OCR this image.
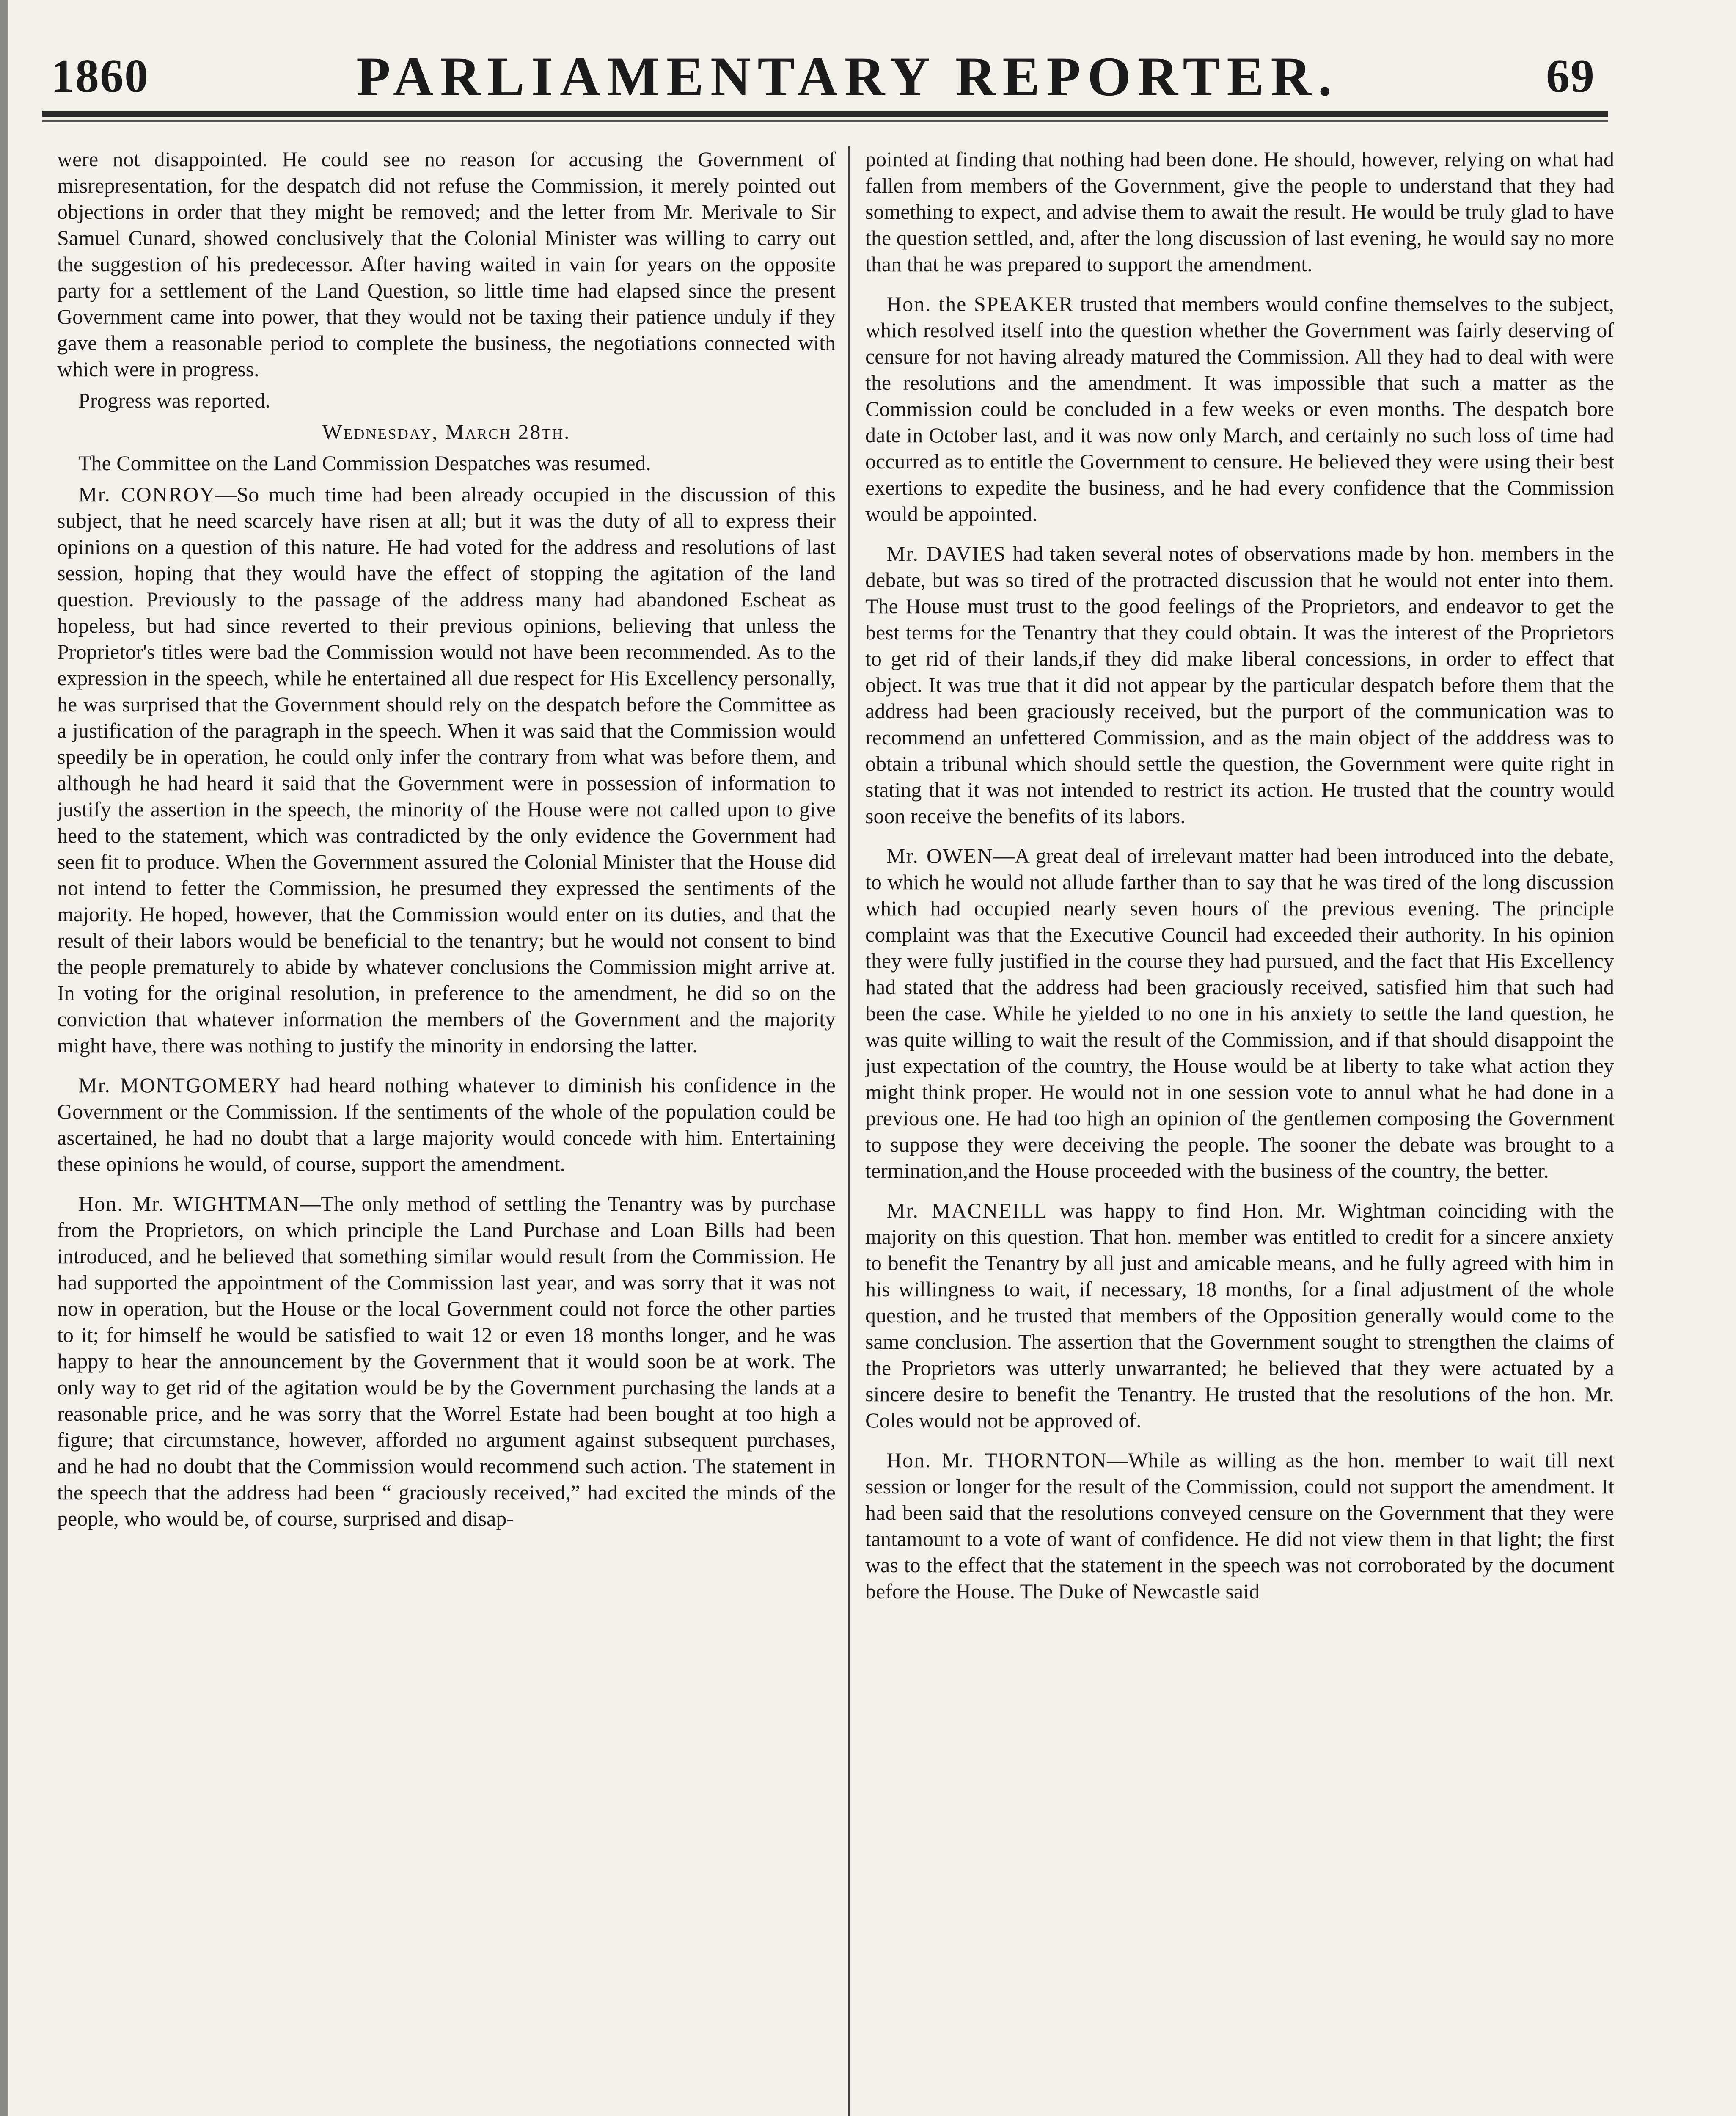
1860	PARLIAMENTARY REPORTER.	69

were not disappointed. He could see no reason for accusing the Government of misrepresentation, for the despatch did not refuse the Commission, it merely pointed out objections in order that they might be removed; and the letter from Mr. Merivale to Sir Samuel Cunard, showed conclusively that the Colonial Minister was willing to carry out the suggestion of his predecessor. After having waited in vain for years on the opposite party for a settlement of the Land Question, so little time had elapsed since the present Government came into power, that they would not be taxing their patience unduly if they gave them a reasonable period to complete the business, the negotiations connected with which were in progress.

Progress was reported.

Wednesday, March 28th.

The Committee on the Land Commission Despatches was resumed.

Mr. CONROY—So much time had been already occupied in the discussion of this subject, that he need scarcely have risen at all; but it was the duty of all to express their opinions on a question of this nature. He had voted for the address and resolutions of last session, hoping that they would have the effect of stopping the agitation of the land question. Previously to the passage of the address many had abandoned Escheat as hopeless, but had since reverted to their previous opinions, believing that unless the Proprietor's titles were bad the Commission would not have been recommended. As to the expression in the speech, while he entertained all due respect for His Excellency personally, he was surprised that the Government should rely on the despatch before the Committee as a justification of the paragraph in the speech. When it was said that the Commission would speedily be in operation, he could only infer the contrary from what was before them, and although he had heard it said that the Government were in possession of information to justify the assertion in the speech, the minority of the House were not called upon to give heed to the statement, which was contradicted by the only evidence the Government had seen fit to produce. When the Government assured the Colonial Minister that the House did not intend to fetter the Commission, he presumed they expressed the sentiments of the majority. He hoped, however, that the Commission would enter on its duties, and that the result of their labors would be beneficial to the tenantry; but he would not consent to bind the people prematurely to abide by whatever conclusions the Commission might arrive at. In voting for the original resolution, in preference to the amendment, he did so on the conviction that whatever information the members of the Government and the majority might have, there was nothing to justify the minority in endorsing the latter.

Mr. MONTGOMERY had heard nothing whatever to diminish his confidence in the Government or the Commission. If the sentiments of the whole of the population could be ascertained, he had no doubt that a large majority would concede with him. Entertaining these opinions he would, of course, support the amendment.

Hon. Mr. WIGHTMAN—The only method of settling the Tenantry was by purchase from the Proprietors, on which principle the Land Purchase and Loan Bills had been introduced, and he believed that something similar would result from the Commission. He had supported the appointment of the Commission last year, and was sorry that it was not now in operation, but the House or the local Government could not force the other parties to it; for himself he would be satisfied to wait 12 or even 18 months longer, and he was happy to hear the announcement by the Government that it would soon be at work. The only way to get rid of the agitation would be by the Government purchasing the lands at a reasonable price, and he was sorry that the Worrel Estate had been bought at too high a figure; that circumstance, however, afforded no argument against subsequent purchases, and he had no doubt that the Commission would recommend such action. The statement in the speech that the address had been “ graciously received,” had excited the minds of the people, who would be, of course, surprised and disap-

pointed at finding that nothing had been done. He should, however, relying on what had fallen from members of the Government, give the people to understand that they had something to expect, and advise them to await the result. He would be truly glad to have the question settled, and, after the long discussion of last evening, he would say no more than that he was prepared to support the amendment.

Hon. the SPEAKER trusted that members would confine themselves to the subject, which resolved itself into the question whether the Government was fairly deserving of censure for not having already matured the Commission. All they had to deal with were the resolutions and the amendment. It was impossible that such a matter as the Commission could be concluded in a few weeks or even months. The despatch bore date in October last, and it was now only March, and certainly no such loss of time had occurred as to entitle the Government to censure. He believed they were using their best exertions to expedite the business, and he had every confidence that the Commission would be appointed.

Mr. DAVIES had taken several notes of observations made by hon. members in the debate, but was so tired of the protracted discussion that he would not enter into them. The House must trust to the good feelings of the Proprietors, and endeavor to get the best terms for the Tenantry that they could obtain. It was the interest of the Proprietors to get rid of their lands,if they did make liberal concessions, in order to effect that object. It was true that it did not appear by the particular despatch before them that the address had been graciously received, but the purport of the communication was to recommend an unfettered Commission, and as the main object of the adddress was to obtain a tribunal which should settle the question, the Government were quite right in stating that it was not intended to restrict its action. He trusted that the country would soon receive the benefits of its labors.

Mr. OWEN—A great deal of irrelevant matter had been introduced into the debate, to which he would not allude farther than to say that he was tired of the long discussion which had occupied nearly seven hours of the previous evening. The principle complaint was that the Executive Council had exceeded their authority. In his opinion they were fully justified in the course they had pursued, and the fact that His Excellency had stated that the address had been graciously received, satisfied him that such had been the case. While he yielded to no one in his anxiety to settle the land question, he was quite willing to wait the result of the Commission, and if that should disappoint the just expectation of the country, the House would be at liberty to take what action they might think proper. He would not in one session vote to annul what he had done in a previous one. He had too high an opinion of the gentlemen composing the Government to suppose they were deceiving the people. The sooner the debate was brought to a termination,and the House proceeded with the business of the country, the better.

Mr. MACNEILL was happy to find Hon. Mr. Wightman coinciding with the majority on this question. That hon. member was entitled to credit for a sincere anxiety to benefit the Tenantry by all just and amicable means, and he fully agreed with him in his willingness to wait, if necessary, 18 months, for a final adjustment of the whole question, and he trusted that members of the Opposition generally would come to the same conclusion. The assertion that the Government sought to strengthen the claims of the Proprietors was utterly unwarranted; he believed that they were actuated by a sincere desire to benefit the Tenantry. He trusted that the resolutions of the hon. Mr. Coles would not be approved of.

Hon. Mr. THORNTON—While as willing as the hon. member to wait till next session or longer for the result of the Commission, could not support the amendment. It had been said that the resolutions conveyed censure on the Government that they were tantamount to a vote of want of confidence. He did not view them in that light; the first was to the effect that the statement in the speech was not corroborated by the document before the House. The Duke of Newcastle said
